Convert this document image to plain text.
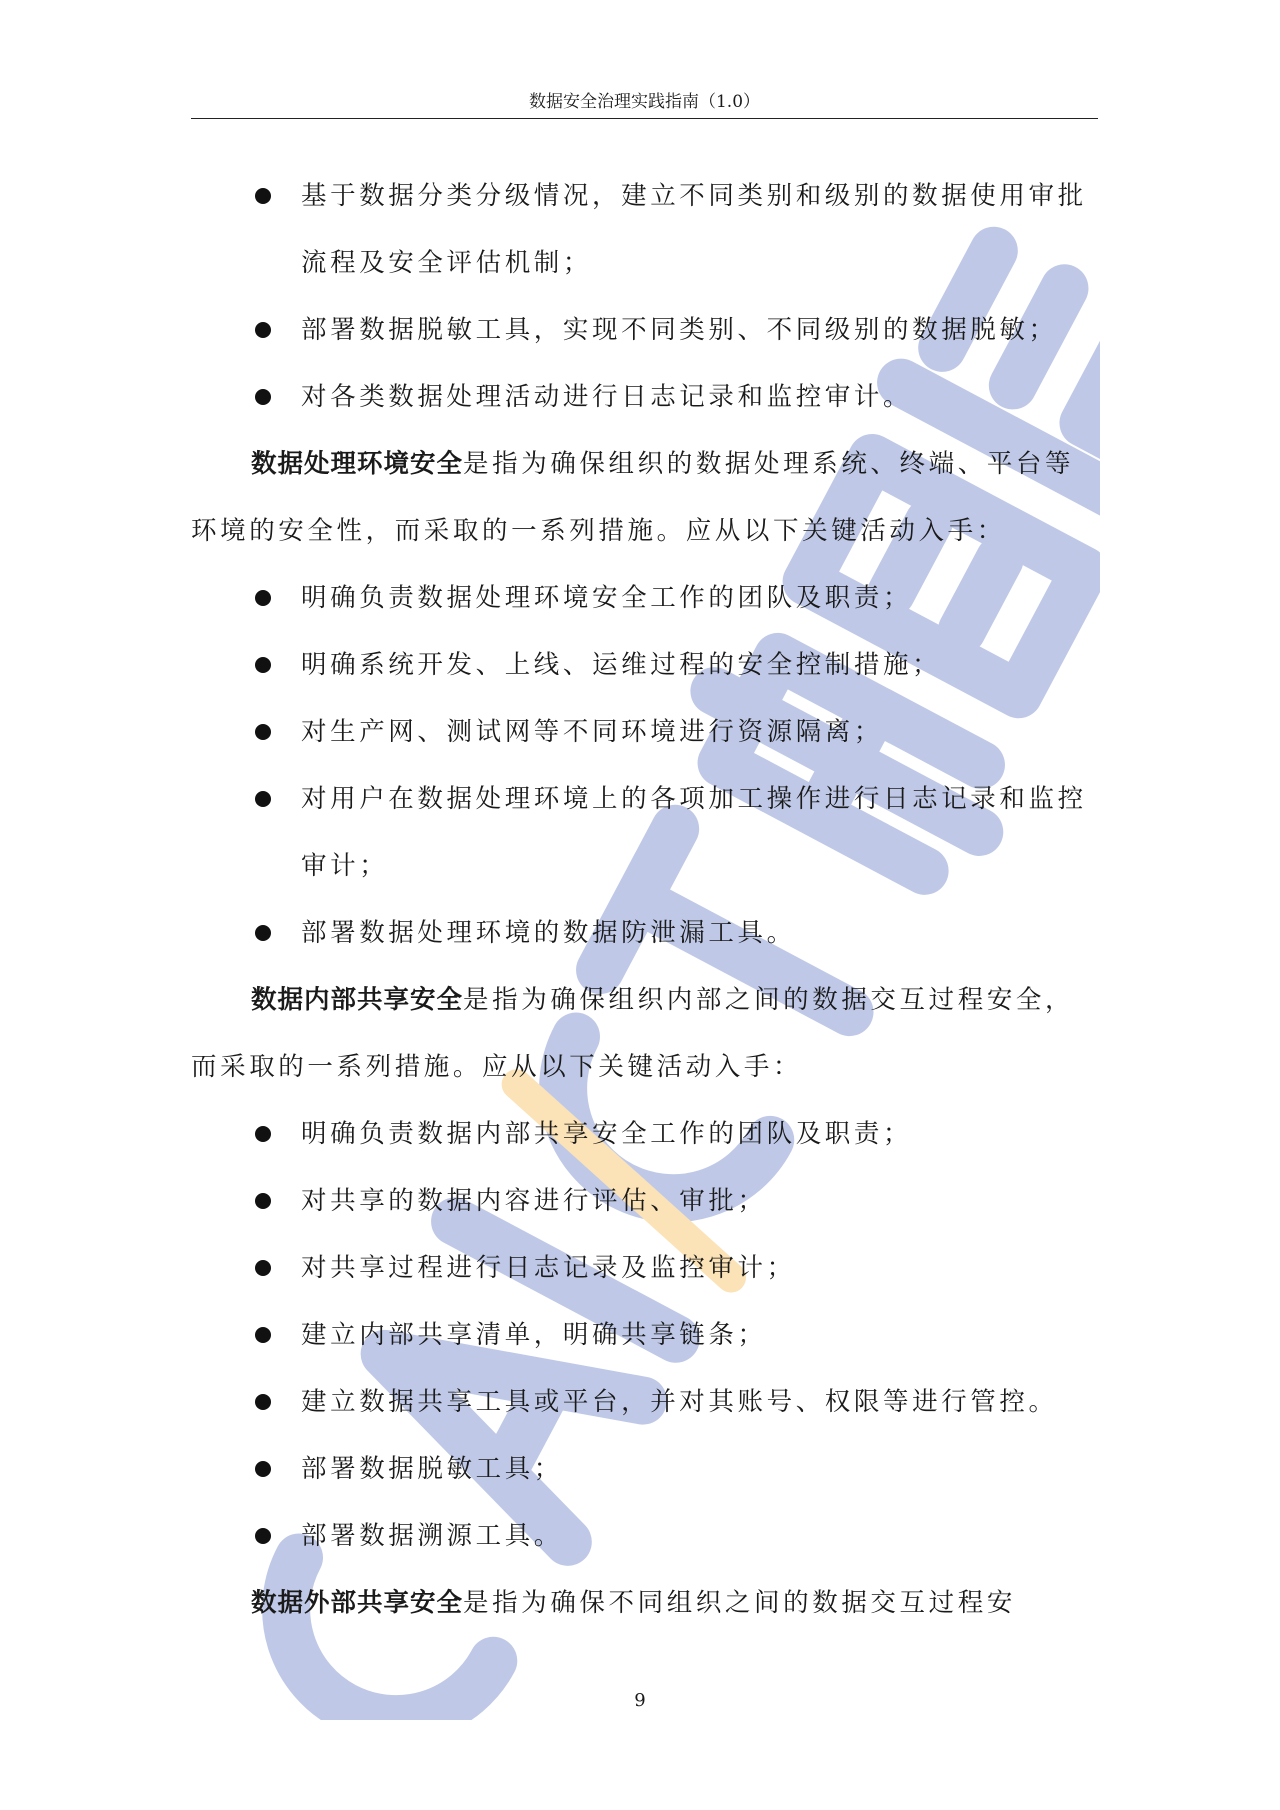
数据安全治理实践指南（1.0）
基于数据分类分级情况，建立不同类别和级别的数据使用审批流程及安全评估机制；
部署数据脱敏工具，实现不同类别、不同级别的数据脱敏；
对各类数据处理活动进行日志记录和监控审计。
数据处理环境安全是指为确保组织的数据处理系统、终端、平台等环境的安全性，而采取的一系列措施。应从以下关键活动入手：
明确负责数据处理环境安全工作的团队及职责；
明确系统开发、上线、运维过程的安全控制措施；
对生产网、测试网等不同环境进行资源隔离；
对用户在数据处理环境上的各项加工操作进行日志记录和监控审计；
部署数据处理环境的数据防泄漏工具。
数据内部共享安全是指为确保组织内部之间的数据交互过程安全，而采取的一系列措施。应从以下关键活动入手：
明确负责数据内部共享安全工作的团队及职责；
对共享的数据内容进行评估、审批；
对共享过程进行日志记录及监控审计；
建立内部共享清单，明确共享链条；
建立数据共享工具或平台，并对其账号、权限等进行管控。
部署数据脱敏工具；
部署数据溯源工具。
数据外部共享安全是指为确保不同组织之间的数据交互过程安
9
